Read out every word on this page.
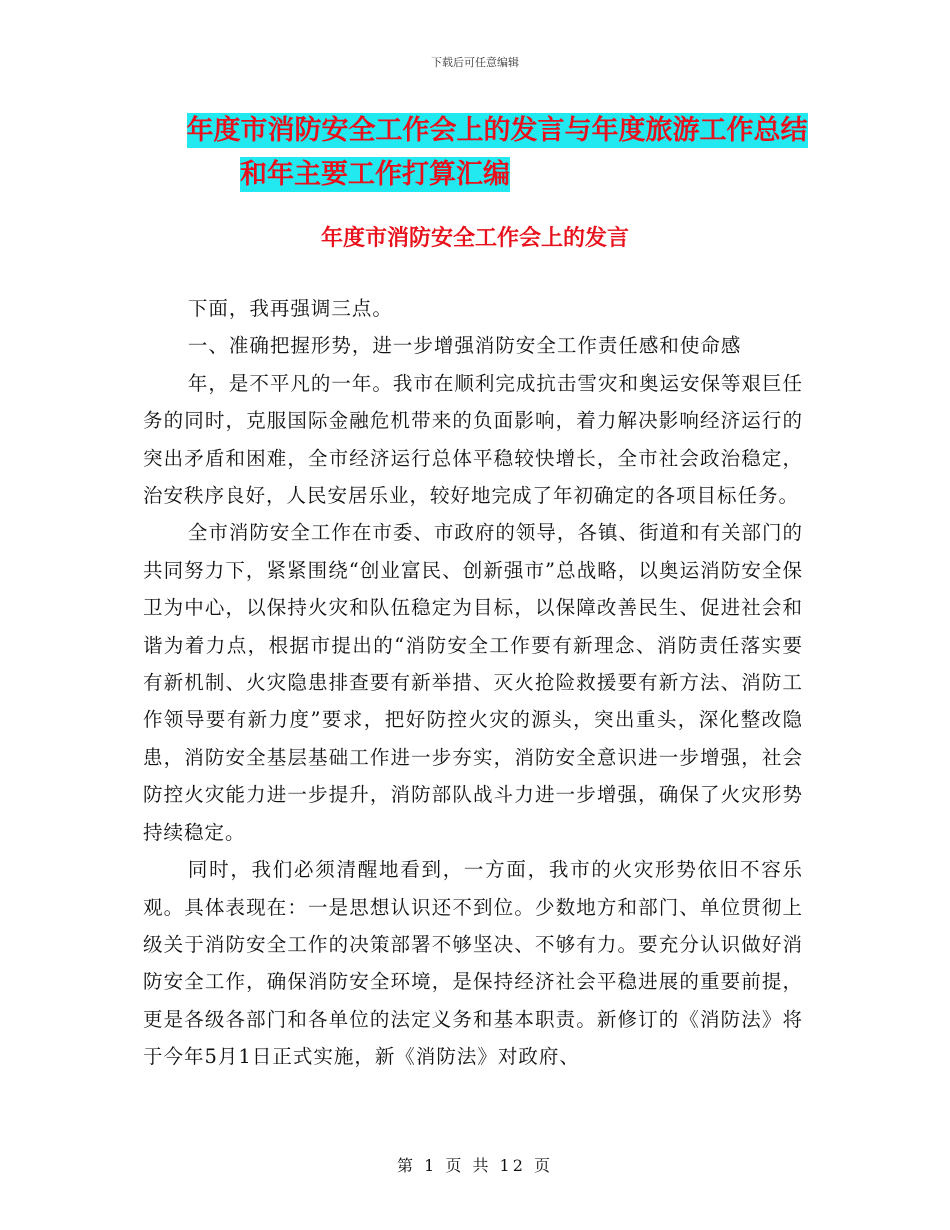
下载后可任意编辑
年度市消防安全工作会上的发言与年度旅游工作总结
和年主要工作打算汇编
年度市消防安全工作会上的发言

下面，我再强调三点。

一、准确把握形势，进一步增强消防安全工作责任感和使命感

年，是不平凡的一年。我市在顺利完成抗击雪灾和奥运安保等艰巨任务的同时，克服国际金融危机带来的负面影响，着力解决影响经济运行的突出矛盾和困难，全市经济运行总体平稳较快增长，全市社会政治稳定，治安秩序良好，人民安居乐业，较好地完成了年初确定的各项目标任务。

全市消防安全工作在市委、市政府的领导，各镇、街道和有关部门的共同努力下，紧紧围绕“创业富民、创新强市”总战略，以奥运消防安全保卫为中心，以保持火灾和队伍稳定为目标，以保障改善民生、促进社会和谐为着力点，根据市提出的“消防安全工作要有新理念、消防责任落实要有新机制、火灾隐患排查要有新举措、灭火抢险救援要有新方法、消防工作领导要有新力度”要求，把好防控火灾的源头，突出重头，深化整改隐患，消防安全基层基础工作进一步夯实，消防安全意识进一步增强，社会防控火灾能力进一步提升，消防部队战斗力进一步增强，确保了火灾形势持续稳定。

同时，我们必须清醒地看到，一方面，我市的火灾形势依旧不容乐观。具体表现在：一是思想认识还不到位。少数地方和部门、单位贯彻上级关于消防安全工作的决策部署不够坚决、不够有力。要充分认识做好消防安全工作，确保消防安全环境，是保持经济社会平稳进展的重要前提，更是各级各部门和各单位的法定义务和基本职责。新修订的《消防法》将于今年5月1日正式实施，新《消防法》对政府、

第 1 页 共 12 页
